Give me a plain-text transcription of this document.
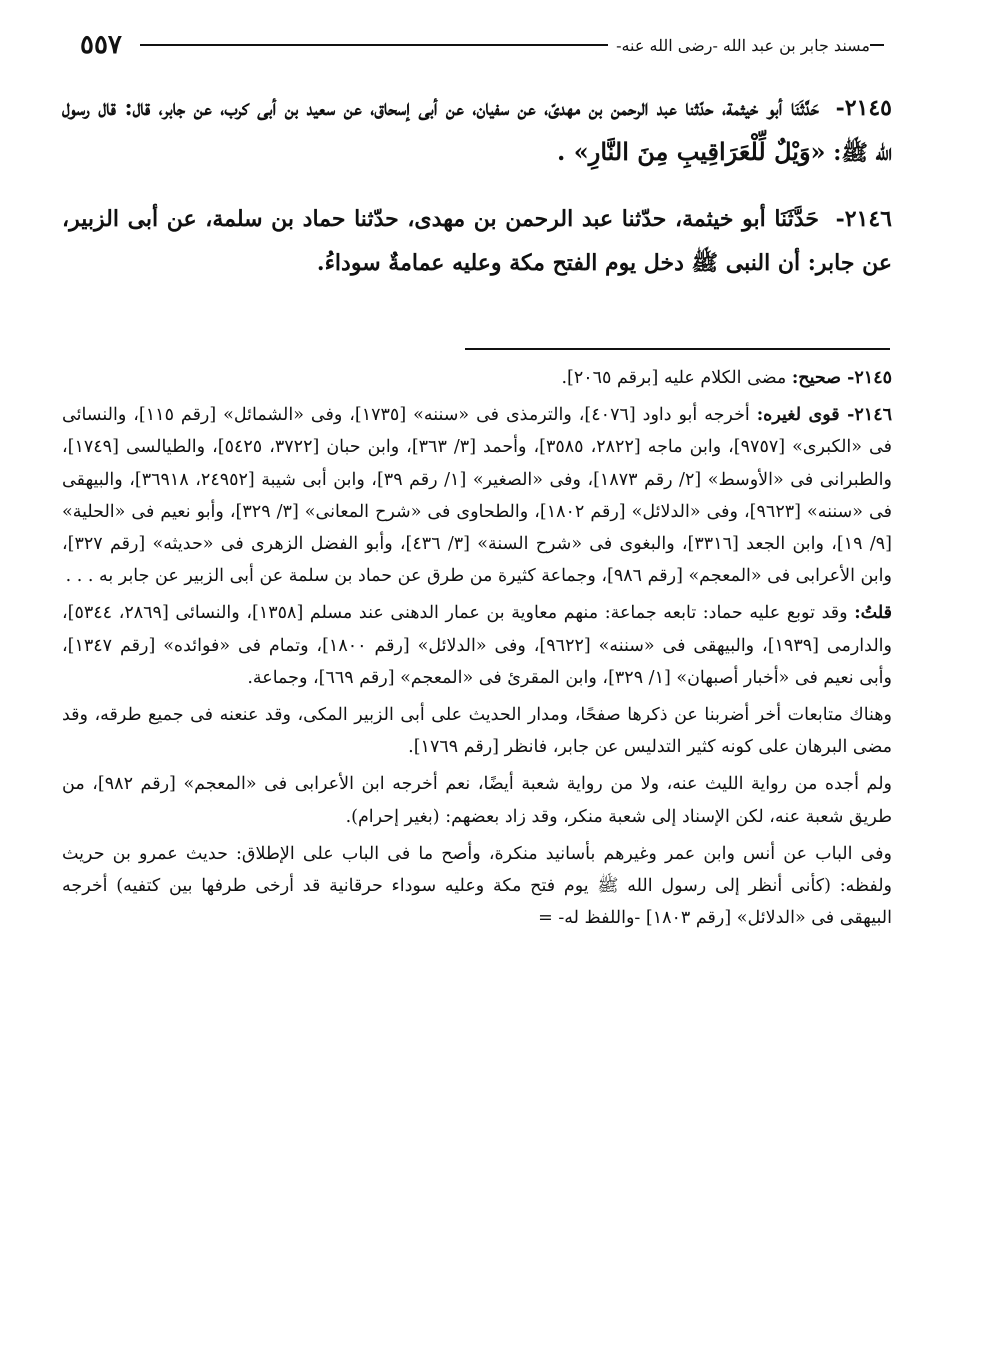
٥٥٧	مسند جابر بن عبد الله -رضى الله عنه-

٢١٤٥- حَدَّثَنَا أبو خيثمة، حدّثنا عبد الرحمن بن مهدىّ، عن سفيان، عن أبى إسحاق، عن سعيد بن أبى كرب، عن جابر، قال: قال رسول الله ﷺ: «وَيْلٌ لِّلْعَرَاقِيبِ مِنَ النَّارِ» .

٢١٤٦- حَدَّثَنَا أبو خيثمة، حدّثنا عبد الرحمن بن مهدى، حدّثنا حماد بن سلمة، عن أبى الزبير، عن جابر: أن النبى ﷺ دخل يوم الفتح مكة وعليه عمامةٌ سوداءُ.

٢١٤٥- صحيح: مضى الكلام عليه [برقم ٢٠٦٥].

٢١٤٦- قوى لغيره: أخرجه أبو داود [٤٠٧٦]، والترمذى فى «سننه» [١٧٣٥]، وفى «الشمائل» [رقم ١١٥]، والنسائى فى «الكبرى» [٩٧٥٧]، وابن ماجه [٢٨٢٢، ٣٥٨٥]، وأحمد [٣/ ٣٦٣]، وابن حبان [٣٧٢٢، ٥٤٢٥]، والطيالسى [١٧٤٩]، والطبرانى فى «الأوسط» [٢/ رقم ١٨٧٣]، وفى «الصغير» [١/ رقم ٣٩]، وابن أبى شيبة [٢٤٩٥٢، ٣٦٩١٨]، والبيهقى فى «سننه» [٩٦٢٣]، وفى «الدلائل» [رقم ١٨٠٢]، والطحاوى فى «شرح المعانى» [٣/ ٣٢٩]، وأبو نعيم فى «الحلية» [٩/ ١٩]، وابن الجعد [٣٣١٦]، والبغوى فى «شرح السنة» [٣/ ٤٣٦]، وأبو الفضل الزهرى فى «حديثه» [رقم ٣٢٧]، وابن الأعرابى فى «المعجم» [رقم ٩٨٦]، وجماعة كثيرة من طرق عن حماد بن سلمة عن أبى الزبير عن جابر به . . .

قلتُ: وقد توبع عليه حماد: تابعه جماعة: منهم معاوية بن عمار الدهنى عند مسلم [١٣٥٨]، والنسائى [٢٨٦٩، ٥٣٤٤]، والدارمى [١٩٣٩]، والبيهقى فى «سننه» [٩٦٢٢]، وفى «الدلائل» [رقم ١٨٠٠]، وتمام فى «فوائده» [رقم ١٣٤٧]، وأبى نعيم فى «أخبار أصبهان» [١/ ٣٢٩]، وابن المقرئ فى «المعجم» [رقم ٦٦٩]، وجماعة.

وهناك متابعات أخر أضربنا عن ذكرها صفحًا، ومدار الحديث على أبى الزبير المكى، وقد عنعنه فى جميع طرقه، وقد مضى البرهان على كونه كثير التدليس عن جابر، فانظر [رقم ١٧٦٩].

ولم أجده من رواية الليث عنه، ولا من رواية شعبة أيضًا، نعم أخرجه ابن الأعرابى فى «المعجم» [رقم ٩٨٢]، من طريق شعبة عنه، لكن الإسناد إلى شعبة منكر، وقد زاد بعضهم: (بغير إحرام).

وفى الباب عن أنس وابن عمر وغيرهم بأسانيد منكرة، وأصح ما فى الباب على الإطلاق: حديث عمرو بن حريث ولفظه: (كأنى أنظر إلى رسول الله ﷺ يوم فتح مكة وعليه سوداء حرقانية قد أرخى طرفها بين كتفيه) أخرجه البيهقى فى «الدلائل» [رقم ١٨٠٣] -واللفظ له- =
